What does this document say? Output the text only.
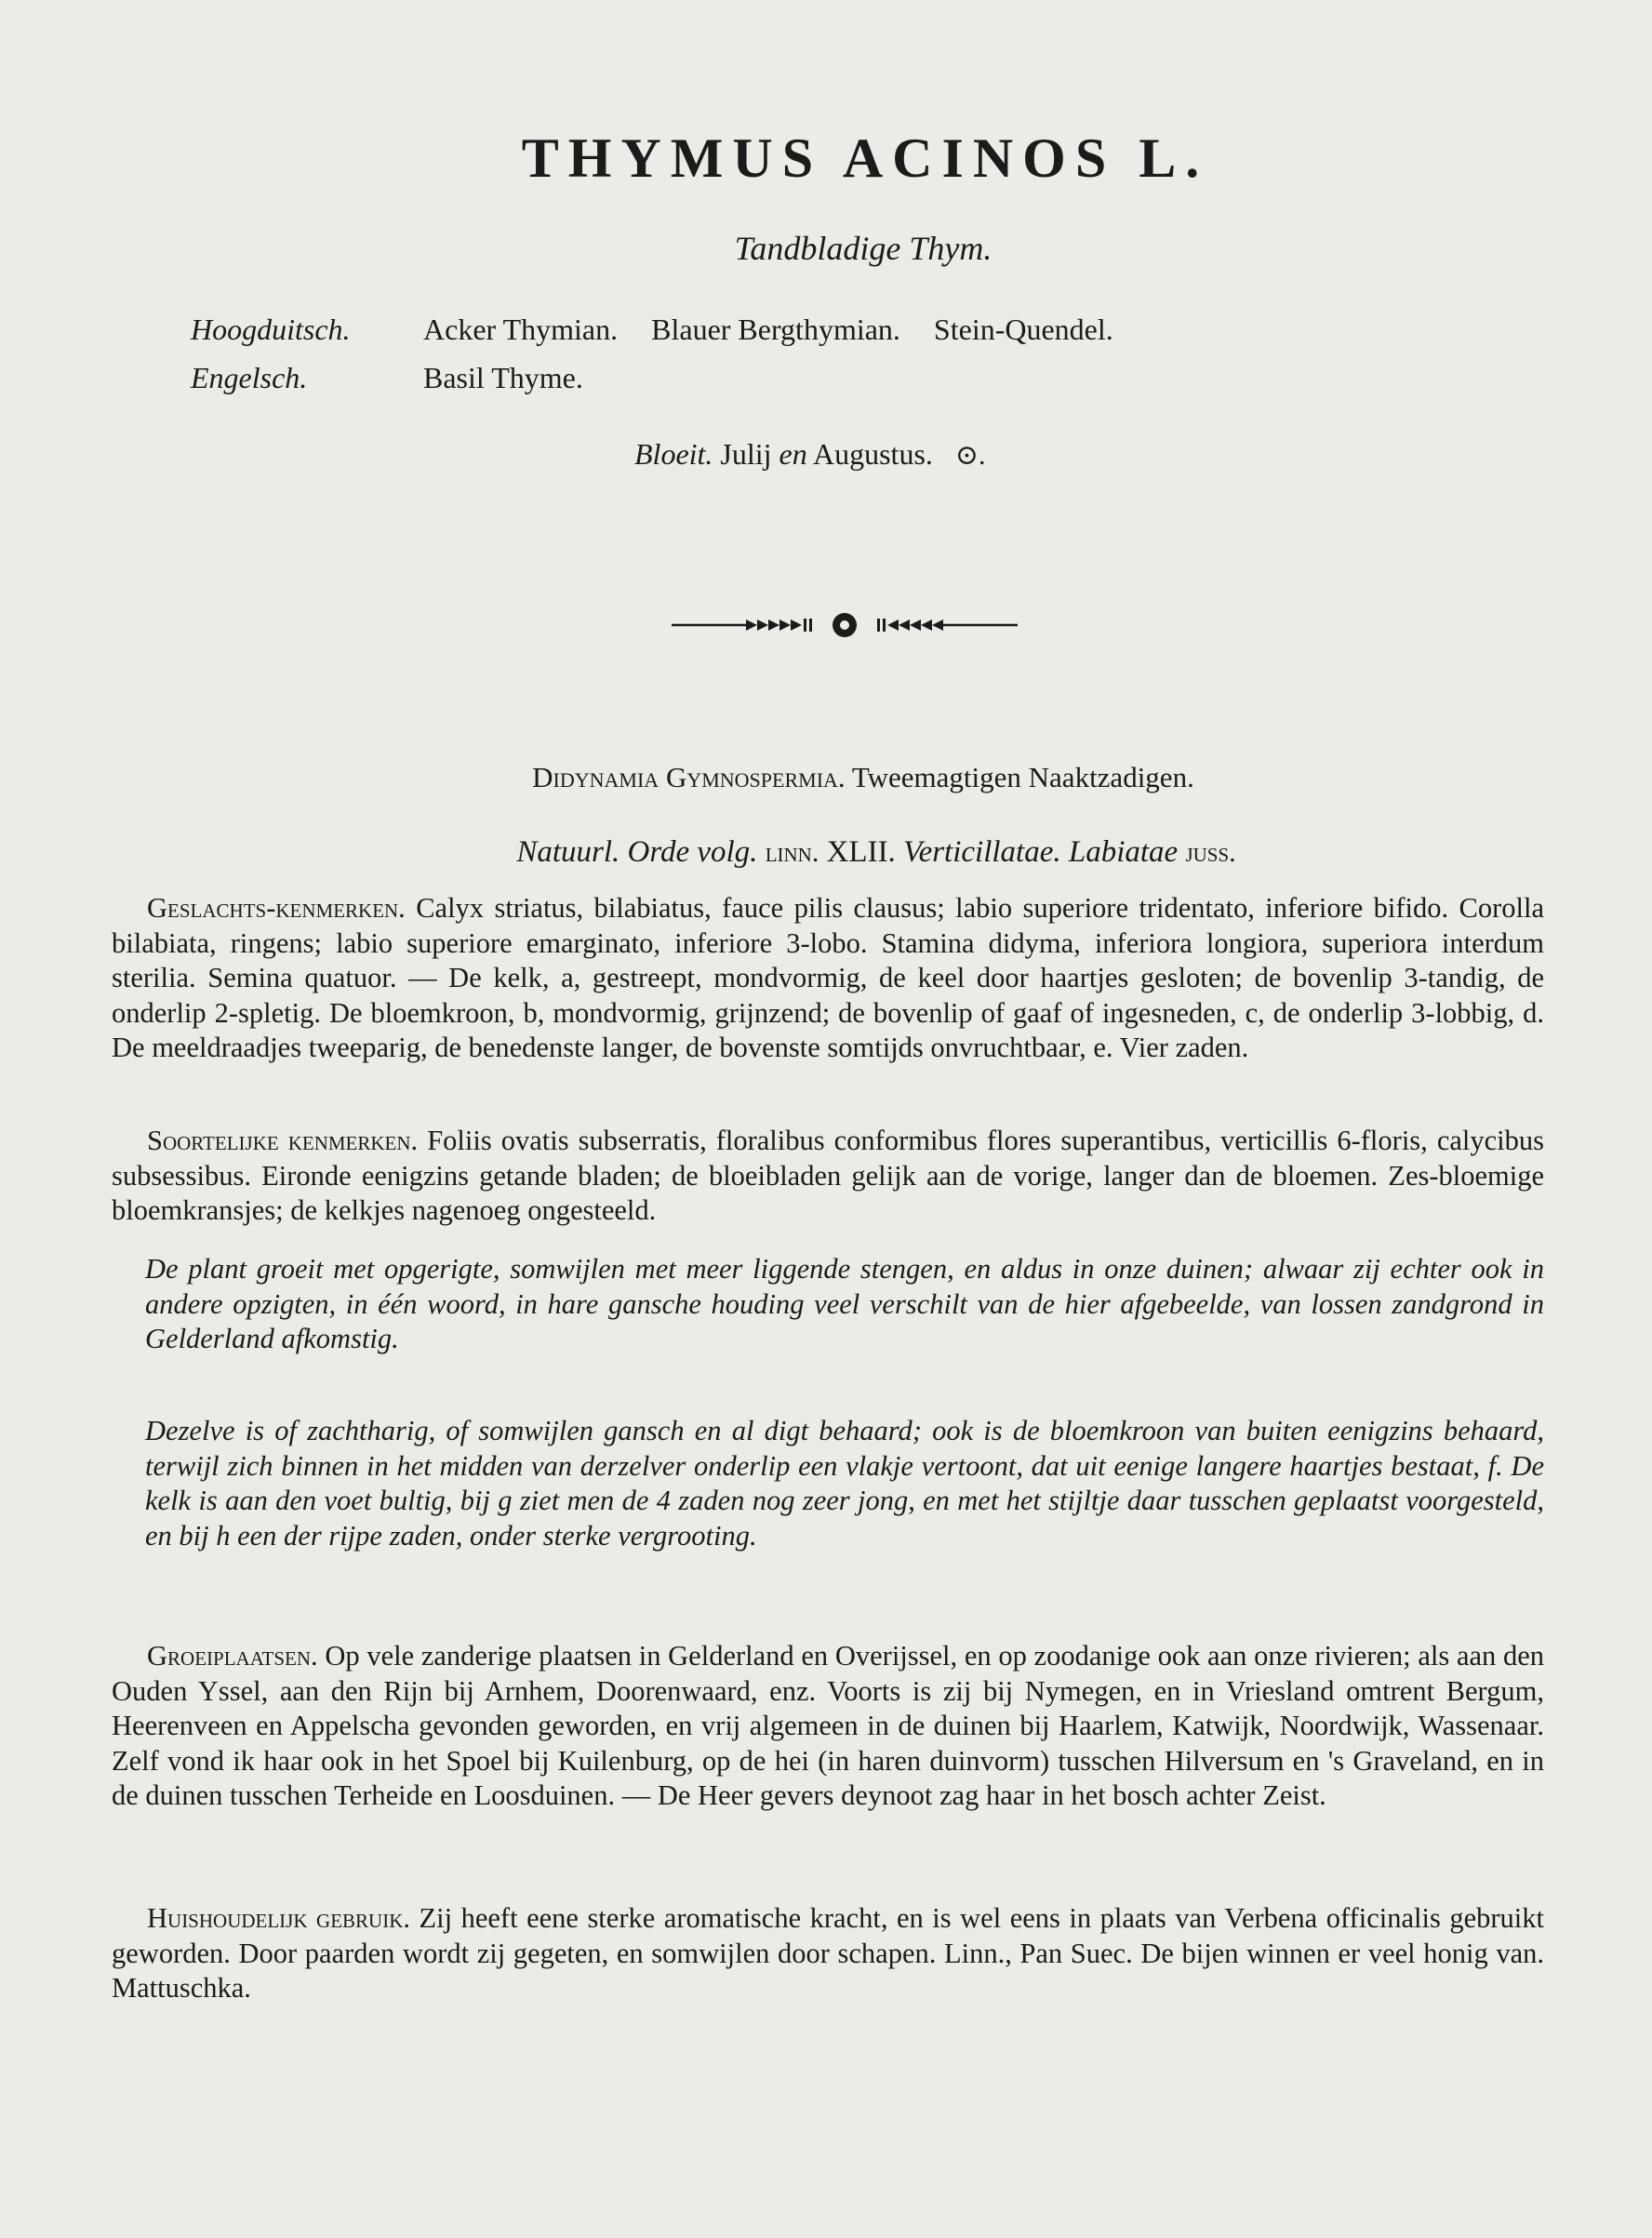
THYMUS ACINOS L.
Tandbladige Thym.
Hoogduitsch.	Acker Thymian. Blauer Bergthymian. Stein-Quendel.
Engelsch.	Basil Thyme.
Bloeit. Julij en Augustus. ⊙.
Didynamia Gymnospermia. Tweemagtigen Naaktzadigen.
Natuurl. Orde volg. linn. XLII. Verticillatae. Labiatae juss.
Geslachts-kenmerken. Calyx striatus, bilabiatus, fauce pilis clausus; labio superiore tridentato, inferiore bifido. Corolla bilabiata, ringens; labio superiore emarginato, inferiore 3-lobo. Stamina didyma, inferiora longiora, superiora interdum sterilia. Semina quatuor. — De kelk, a, gestreept, mondvormig, de keel door haartjes gesloten; de bovenlip 3-tandig, de onderlip 2-spletig. De bloemkroon, b, mondvormig, grijnzend; de bovenlip of gaaf of ingesneden, c, de onderlip 3-lobbig, d. De meeldraadjes tweeparig, de benedenste langer, de bovenste somtijds onvruchtbaar, e. Vier zaden.
Soortelijke kenmerken. Foliis ovatis subserratis, floralibus conformibus flores superantibus, verticillis 6-floris, calycibus subsessibus. Eironde eenigzins getande bladen; de bloeibladen gelijk aan de vorige, langer dan de bloemen. Zes-bloemige bloemkransjes; de kelkjes nagenoeg ongesteeld.
De plant groeit met opgerigte, somwijlen met meer liggende stengen, en aldus in onze duinen; alwaar zij echter ook in andere opzigten, in één woord, in hare gansche houding veel verschilt van de hier afgebeelde, van lossen zandgrond in Gelderland afkomstig.
Dezelve is of zachtharig, of somwijlen gansch en al digt behaard; ook is de bloemkroon van buiten eenigzins behaard, terwijl zich binnen in het midden van derzelver onderlip een vlakje vertoont, dat uit eenige langere haartjes bestaat, f. De kelk is aan den voet bultig, bij g ziet men de 4 zaden nog zeer jong, en met het stijltje daar tusschen geplaatst voorgesteld, en bij h een der rijpe zaden, onder sterke vergrooting.
Groeiplaatsen. Op vele zanderige plaatsen in Gelderland en Overijssel, en op zoodanige ook aan onze rivieren; als aan den Ouden Yssel, aan den Rijn bij Arnhem, Doorenwaard, enz. Voorts is zij bij Nymegen, en in Vriesland omtrent Bergum, Heerenveen en Appelscha gevonden geworden, en vrij algemeen in de duinen bij Haarlem, Katwijk, Noordwijk, Wassenaar. Zelf vond ik haar ook in het Spoel bij Kuilenburg, op de hei (in haren duinvorm) tusschen Hilversum en 's Graveland, en in de duinen tusschen Terheide en Loosduinen. — De Heer gevers deynoot zag haar in het bosch achter Zeist.
Huishoudelijk gebruik. Zij heeft eene sterke aromatische kracht, en is wel eens in plaats van Verbena officinalis gebruikt geworden. Door paarden wordt zij gegeten, en somwijlen door schapen. Linn., Pan Suec. De bijen winnen er veel honig van. Mattuschka.
